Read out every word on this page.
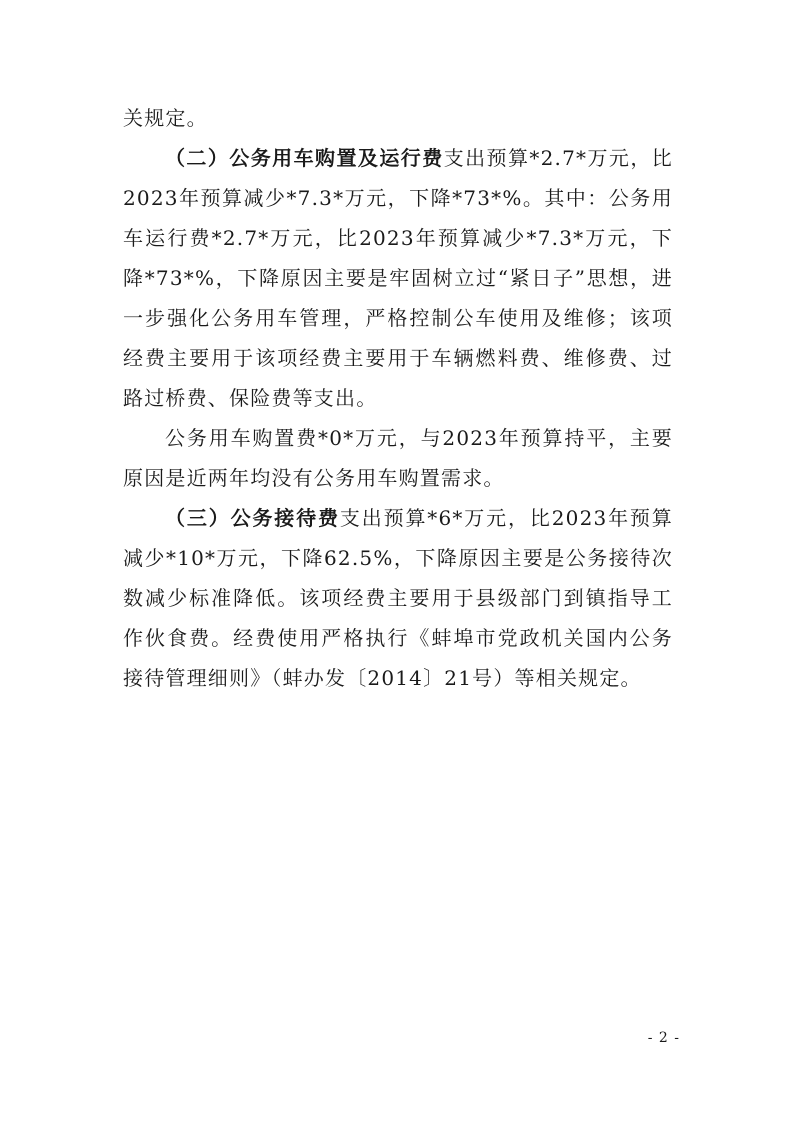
关规定。

（二）公务用车购置及运行费支出预算*2.7*万元，比2023年预算减少*7.3*万元，下降*73*%。其中：公务用车运行费*2.7*万元，比2023年预算减少*7.3*万元，下降*73*%，下降原因主要是牢固树立过“紧日子”思想，进一步强化公务用车管理，严格控制公车使用及维修；该项经费主要用于该项经费主要用于车辆燃料费、维修费、过路过桥费、保险费等支出。

公务用车购置费*0*万元，与2023年预算持平，主要原因是近两年均没有公务用车购置需求。

（三）公务接待费支出预算*6*万元，比2023年预算减少*10*万元，下降62.5%，下降原因主要是公务接待次数减少标准降低。该项经费主要用于县级部门到镇指导工作伙食费。经费使用严格执行《蚌埠市党政机关国内公务接待管理细则》（蚌办发〔2014〕21号）等相关规定。

- 2 -
